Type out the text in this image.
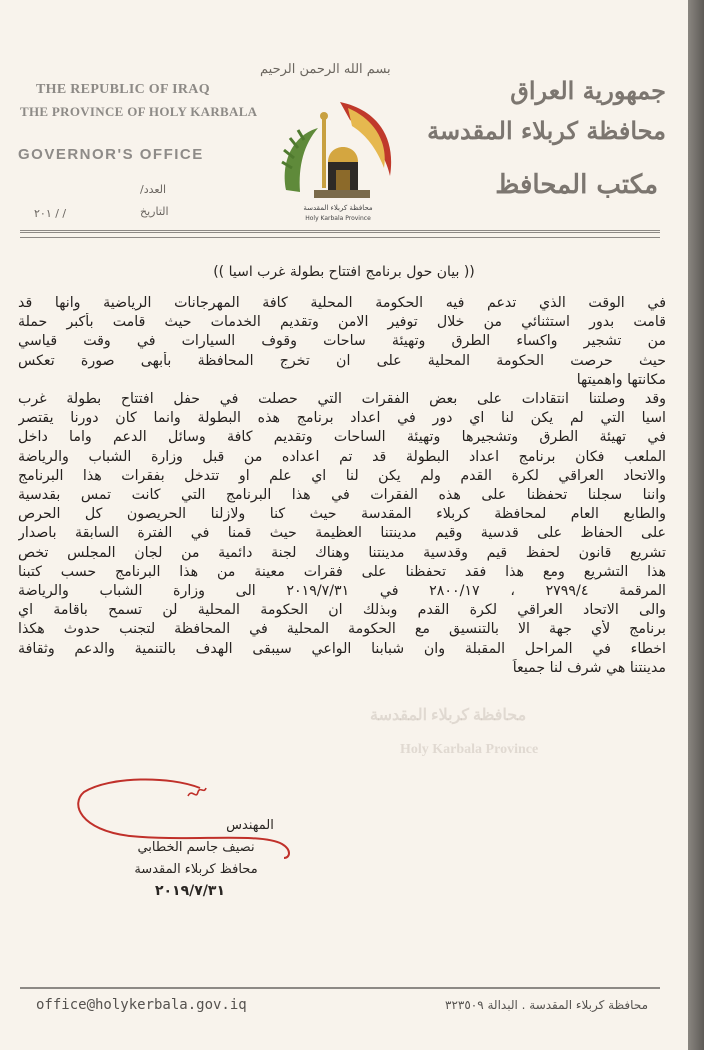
THE REPUBLIC OF IRAQ
THE PROVINCE OF HOLY KARBALA
GOVERNOR'S OFFICE
العدد/
التاريخ
٢٠١ / /
بسم الله الرحمن الرحيم
محافظة كربلاء المقدسة
Holy Karbala Province
جمهورية العراق
محافظة كربلاء المقدسة
مكتب المحافظ
(( بيان حول برنامج افتتاح بطولة غرب اسيا ))
في الوقت الذي تدعم فيه الحكومة المحلية كافة المهرجانات الرياضية وانها قد
قامت بدور استثنائي من خلال توفير الامن وتقديم الخدمات حيث قامت بأكبر حملة
من تشجير واكساء الطرق وتهيئة ساحات وقوف السيارات في وقت قياسي
حيث حرصت الحكومة المحلية على ان تخرج المحافظة بأبهى صورة تعكس
مكانتها واهميتها
وقد وصلتنا انتقادات على بعض الفقرات التي حصلت في حفل افتتاح بطولة غرب
اسيا التي لم يكن لنا اي دور في اعداد برنامج هذه البطولة وانما كان دورنا يقتصر
في تهيئة الطرق وتشجيرها وتهيئة الساحات وتقديم كافة وسائل الدعم واما داخل
الملعب فكان برنامج اعداد البطولة قد تم اعداده من قبل وزارة الشباب والرياضة
والاتحاد العراقي لكرة القدم ولم يكن لنا اي علم او تتدخل بفقرات هذا البرنامج
واننا سجلنا تحفظنا على هذه الفقرات في هذا البرنامج التي كانت تمس بقدسية
والطابع العام لمحافظة كربلاء المقدسة حيث كنا ولازلنا الحريصون كل الحرص
على الحفاظ على قدسية وقيم مدينتنا العظيمة حيث قمنا في الفترة السابقة باصدار
تشريع قانون لحفظ قيم وقدسية مدينتنا وهناك لجنة دائمية من لجان المجلس تخص
هذا التشريع ومع هذا فقد تحفظنا على فقرات معينة من هذا البرنامج حسب كتبنا
المرقمة ٢٧٩٩/٤ ، ٢٨٠٠/١٧ في ٢٠١٩/٧/٣١ الى وزارة الشباب والرياضة
والى الاتحاد العراقي لكرة القدم وبذلك ان الحكومة المحلية لن تسمح باقامة اي
برنامج لأي جهة الا بالتنسيق مع الحكومة المحلية في المحافظة لتجنب حدوث هكذا
اخطاء في المراحل المقبلة وان شبابنا الواعي سيبقى الهدف بالتنمية والدعم وثقافة
مدينتنا هي شرف لنا جميعاً
محافظة كربلاء المقدسة
Holy Karbala Province
المهندس
نصيف جاسم الخطابي
محافظ كربلاء المقدسة
٢٠١٩/٧/٣١
office@holykerbala.gov.iq	محافظة كربلاء المقدسة . البدالة ٣٢٣٥٠٩
